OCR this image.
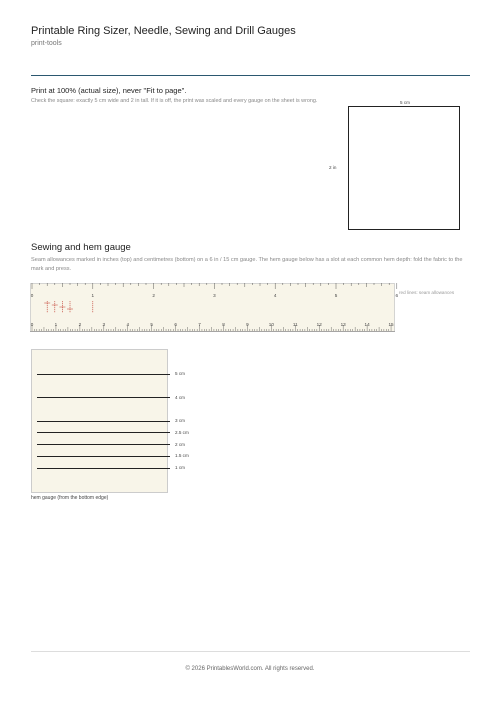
Printable Ring Sizer, Needle, Sewing and Drill Gauges
print-tools
Print at 100% (actual size), never "Fit to page".
Check the square: exactly 5 cm wide and 2 in tall. If it is off, the print was scaled and every gauge on the sheet is wrong.	5 cm
2 in
Sewing and hem gauge
Seam allowances marked in inches (top) and centimetres (bottom) on a 6 in / 15 cm gauge. The hem gauge below has a slot at each common hem depth: fold the fabric to the mark and press.
0	1	2	3	4	5	6
0	1	2	3	4	5	6	7	8	9	10	11	12	13	14	15
red lines: seam allowances
5 cm
4 cm
3 cm
2.5 cm
2 cm
1.5 cm
1 cm
hem gauge (from the bottom edge)
© 2026 PrintablesWorld.com. All rights reserved.
